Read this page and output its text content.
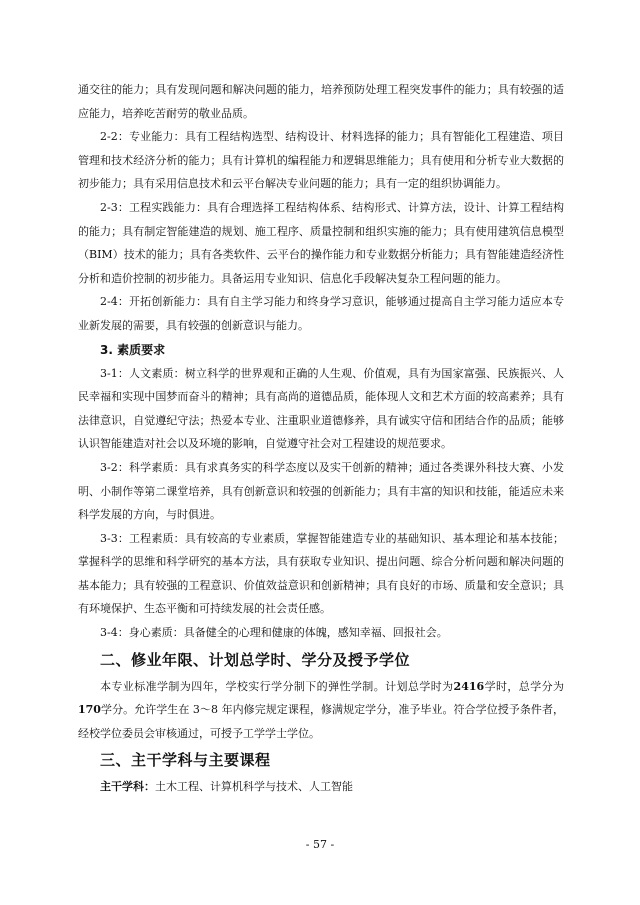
通交往的能力；具有发现问题和解决问题的能力，培养预防处理工程突发事件的能力；具有较强的适应能力，培养吃苦耐劳的敬业品质。

2-2：专业能力：具有工程结构选型、结构设计、材料选择的能力；具有智能化工程建造、项目管理和技术经济分析的能力；具有计算机的编程能力和逻辑思维能力；具有使用和分析专业大数据的初步能力；具有采用信息技术和云平台解决专业问题的能力；具有一定的组织协调能力。

2-3：工程实践能力：具有合理选择工程结构体系、结构形式、计算方法，设计、计算工程结构的能力；具有制定智能建造的规划、施工程序、质量控制和组织实施的能力；具有使用建筑信息模型（BIM）技术的能力；具有各类软件、云平台的操作能力和专业数据分析能力；具有智能建造经济性分析和造价控制的初步能力。具备运用专业知识、信息化手段解决复杂工程问题的能力。

2-4：开拓创新能力：具有自主学习能力和终身学习意识，能够通过提高自主学习能力适应本专业新发展的需要，具有较强的创新意识与能力。

3. 素质要求

3-1：人文素质：树立科学的世界观和正确的人生观、价值观，具有为国家富强、民族振兴、人民幸福和实现中国梦而奋斗的精神；具有高尚的道德品质，能体现人文和艺术方面的较高素养；具有法律意识，自觉遵纪守法；热爱本专业、注重职业道德修养，具有诚实守信和团结合作的品质；能够认识智能建造对社会以及环境的影响，自觉遵守社会对工程建设的规范要求。

3-2：科学素质：具有求真务实的科学态度以及实干创新的精神；通过各类课外科技大赛、小发明、小制作等第二课堂培养，具有创新意识和较强的创新能力；具有丰富的知识和技能，能适应未来科学发展的方向，与时俱进。

3-3：工程素质：具有较高的专业素质，掌握智能建造专业的基础知识、基本理论和基本技能；掌握科学的思维和科学研究的基本方法，具有获取专业知识、提出问题、综合分析问题和解决问题的基本能力；具有较强的工程意识、价值效益意识和创新精神；具有良好的市场、质量和安全意识；具有环境保护、生态平衡和可持续发展的社会责任感。

3-4：身心素质：具备健全的心理和健康的体魄，感知幸福、回报社会。

二、修业年限、计划总学时、学分及授予学位

本专业标准学制为四年，学校实行学分制下的弹性学制。计划总学时为2416学时，总学分为170学分。允许学生在 3～8 年内修完规定课程，修满规定学分，准予毕业。符合学位授予条件者，经校学位委员会审核通过，可授予工学学士学位。

三、主干学科与主要课程

主干学科：土木工程、计算机科学与技术、人工智能

- 57 -
